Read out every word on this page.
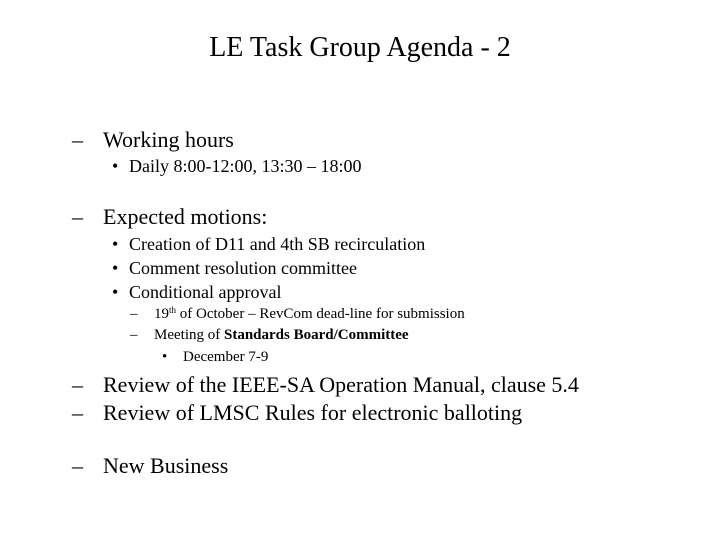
LE Task Group Agenda - 2
– Working hours
• Daily 8:00-12:00, 13:30 – 18:00
– Expected motions:
• Creation of D11 and 4th SB recirculation
• Comment resolution committee
• Conditional approval
– 19th of October – RevCom dead-line for submission
– Meeting of Standards Board/Committee
• December 7-9
– Review of the IEEE-SA Operation Manual, clause 5.4
– Review of LMSC Rules for electronic balloting
– New Business
